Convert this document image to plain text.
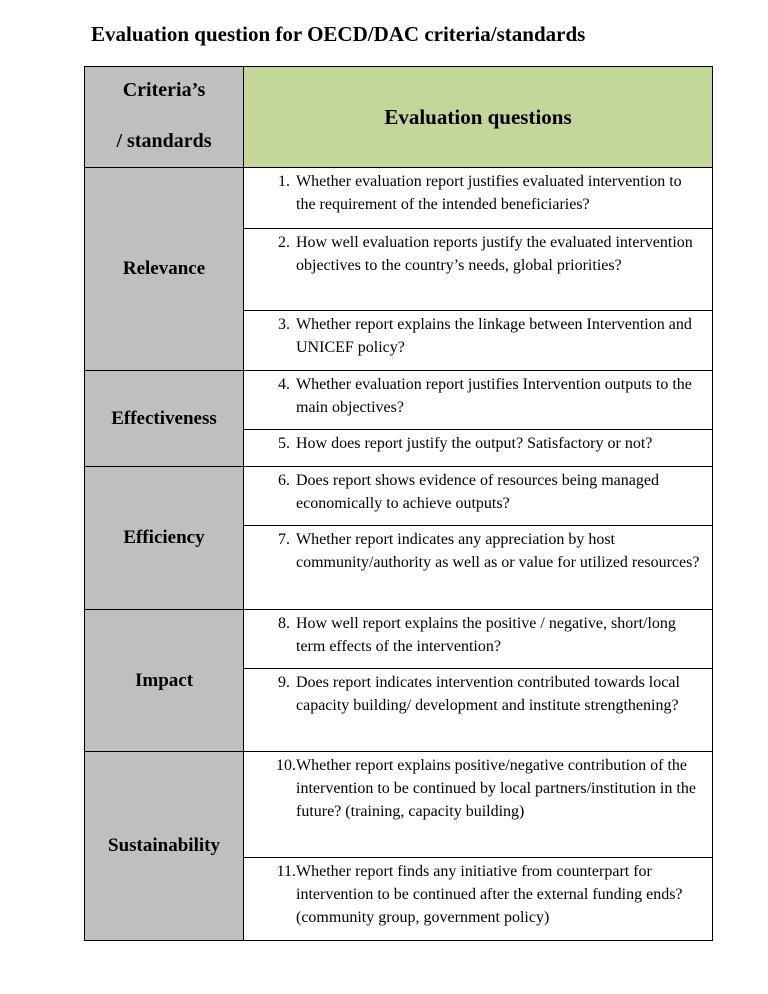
Evaluation question for OECD/DAC criteria/standards
Criteria’s
/ standards	Evaluation questions
Relevance	1. Whether evaluation report justifies evaluated intervention to the requirement of the intended beneficiaries?

	2. How well evaluation reports justify the evaluated intervention objectives to the country’s needs, global priorities?

	3. Whether report explains the linkage between Intervention and UNICEF policy?

Effectiveness	4. Whether evaluation report justifies Intervention outputs to the main objectives?

	5. How does report justify the output? Satisfactory or not?

Efficiency	6. Does report shows evidence of resources being managed economically to achieve outputs?

	7. Whether report indicates any appreciation by host community/authority as well as or value for utilized resources?

Impact	8. How well report explains the positive / negative, short/long term effects of the intervention?

	9. Does report indicates intervention contributed towards local capacity building/ development and institute strengthening?

Sustainability	10. Whether report explains positive/negative contribution of the intervention to be continued by local partners/institution in the future? (training, capacity building)

	11. Whether report finds any initiative from counterpart for intervention to be continued after the external funding ends? (community group, government policy)
